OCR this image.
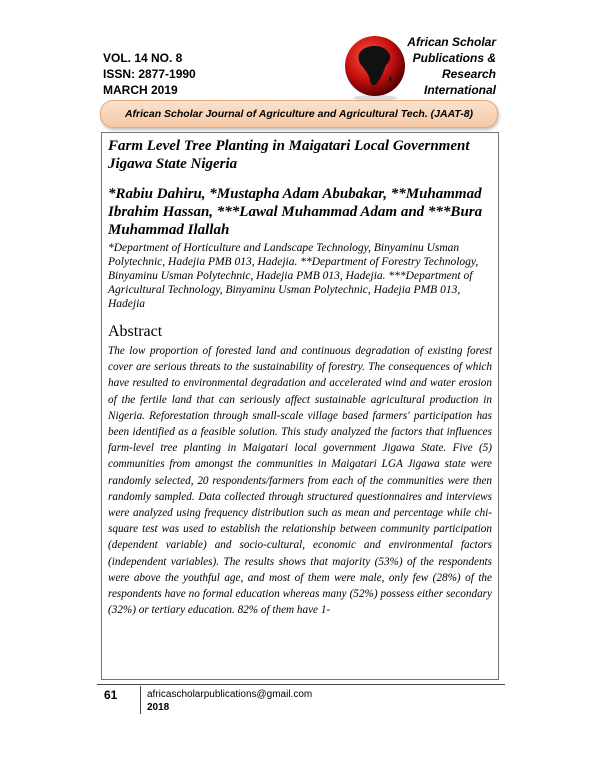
VOL. 14 NO. 8
ISSN: 2877-1990
MARCH 2019
African Scholar
Publications &
Research
International
African Scholar Journal of Agriculture and Agricultural Tech. (JAAT-8)

Farm Level Tree Planting in Maigatari Local Government Jigawa State Nigeria

*Rabiu Dahiru, *Mustapha Adam Abubakar, **Muhammad Ibrahim Hassan, ***Lawal Muhammad Adam and ***Bura Muhammad Ilallah

*Department of Horticulture and Landscape Technology, Binyaminu Usman Polytechnic, Hadejia PMB 013, Hadejia. **Department of Forestry Technology, Binyaminu Usman Polytechnic, Hadejia PMB 013, Hadejia. ***Department of Agricultural Technology, Binyaminu Usman Polytechnic, Hadejia PMB 013, Hadejia

Abstract

The low proportion of forested land and continuous degradation of existing forest cover are serious threats to the sustainability of forestry. The consequences of which have resulted to environmental degradation and accelerated wind and water erosion of the fertile land that can seriously affect sustainable agricultural production in Nigeria. Reforestation through small-scale village based farmers' participation has been identified as a feasible solution. This study analyzed the factors that influences farm-level tree planting in Maigatari local government Jigawa State. Five (5) communities from amongst the communities in Maigatari LGA Jigawa state were randomly selected, 20 respondents/farmers from each of the communities were then randomly sampled. Data collected through structured questionnaires and interviews were analyzed using frequency distribution such as mean and percentage while chi-square test was used to establish the relationship between community participation (dependent variable) and socio-cultural, economic and environmental factors (independent variables). The results shows that majority (53%) of the respondents were above the youthful age, and most of them were male, only few (28%) of the respondents have no formal education whereas many (52%) possess either secondary (32%) or tertiary education. 82% of them have 1-

61	africascholarpublications@gmail.com
2018
